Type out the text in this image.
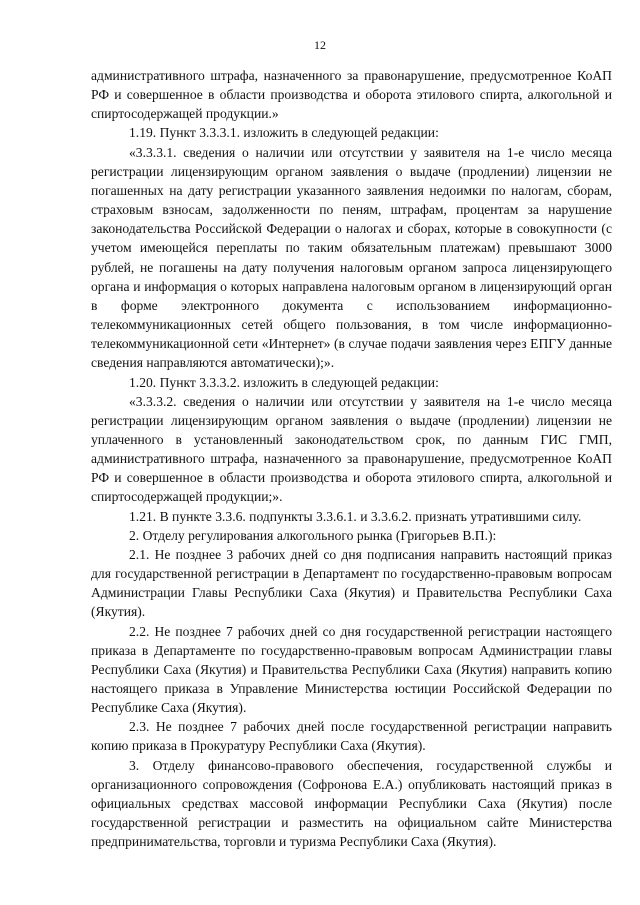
12

административного штрафа, назначенного за правонарушение, предусмотренное КоАП РФ и совершенное в области производства и оборота этилового спирта, алкогольной и спиртосодержащей продукции.»

1.19. Пункт 3.3.3.1. изложить в следующей редакции:

«3.3.3.1. сведения о наличии или отсутствии у заявителя на 1-е число месяца регистрации лицензирующим органом заявления о выдаче (продлении) лицензии не погашенных на дату регистрации указанного заявления недоимки по налогам, сборам, страховым взносам, задолженности по пеням, штрафам, процентам за нарушение законодательства Российской Федерации о налогах и сборах, которые в совокупности (с учетом имеющейся переплаты по таким обязательным платежам) превышают 3000 рублей, не погашены на дату получения налоговым органом запроса лицензирующего органа и информация о которых направлена налоговым органом в лицензирующий орган в форме электронного документа с использованием информационно-телекоммуникационных сетей общего пользования, в том числе информационно-телекоммуникационной сети «Интернет» (в случае подачи заявления через ЕПГУ данные сведения направляются автоматически);».

1.20. Пункт 3.3.3.2. изложить в следующей редакции:

«3.3.3.2. сведения о наличии или отсутствии у заявителя на 1-е число месяца регистрации лицензирующим органом заявления о выдаче (продлении) лицензии не уплаченного в установленный законодательством срок, по данным ГИС ГМП, административного штрафа, назначенного за правонарушение, предусмотренное КоАП РФ и совершенное в области производства и оборота этилового спирта, алкогольной и спиртосодержащей продукции;».

1.21. В пункте 3.3.6. подпункты 3.3.6.1. и 3.3.6.2. признать утратившими силу.

2. Отделу регулирования алкогольного рынка (Григорьев В.П.):

2.1. Не позднее 3 рабочих дней со дня подписания направить настоящий приказ для государственной регистрации в Департамент по государственно-правовым вопросам Администрации Главы Республики Саха (Якутия) и Правительства Республики Саха (Якутия).

2.2. Не позднее 7 рабочих дней со дня государственной регистрации настоящего приказа в Департаменте по государственно-правовым вопросам Администрации главы Республики Саха (Якутия) и Правительства Республики Саха (Якутия) направить копию настоящего приказа в Управление Министерства юстиции Российской Федерации по Республике Саха (Якутия).

2.3. Не позднее 7 рабочих дней после государственной регистрации направить копию приказа в Прокуратуру Республики Саха (Якутия).

3. Отделу финансово-правового обеспечения, государственной службы и организационного сопровождения (Софронова Е.А.) опубликовать настоящий приказ в официальных средствах массовой информации Республики Саха (Якутия) после государственной регистрации и разместить на официальном сайте Министерства предпринимательства, торговли и туризма Республики Саха (Якутия).
